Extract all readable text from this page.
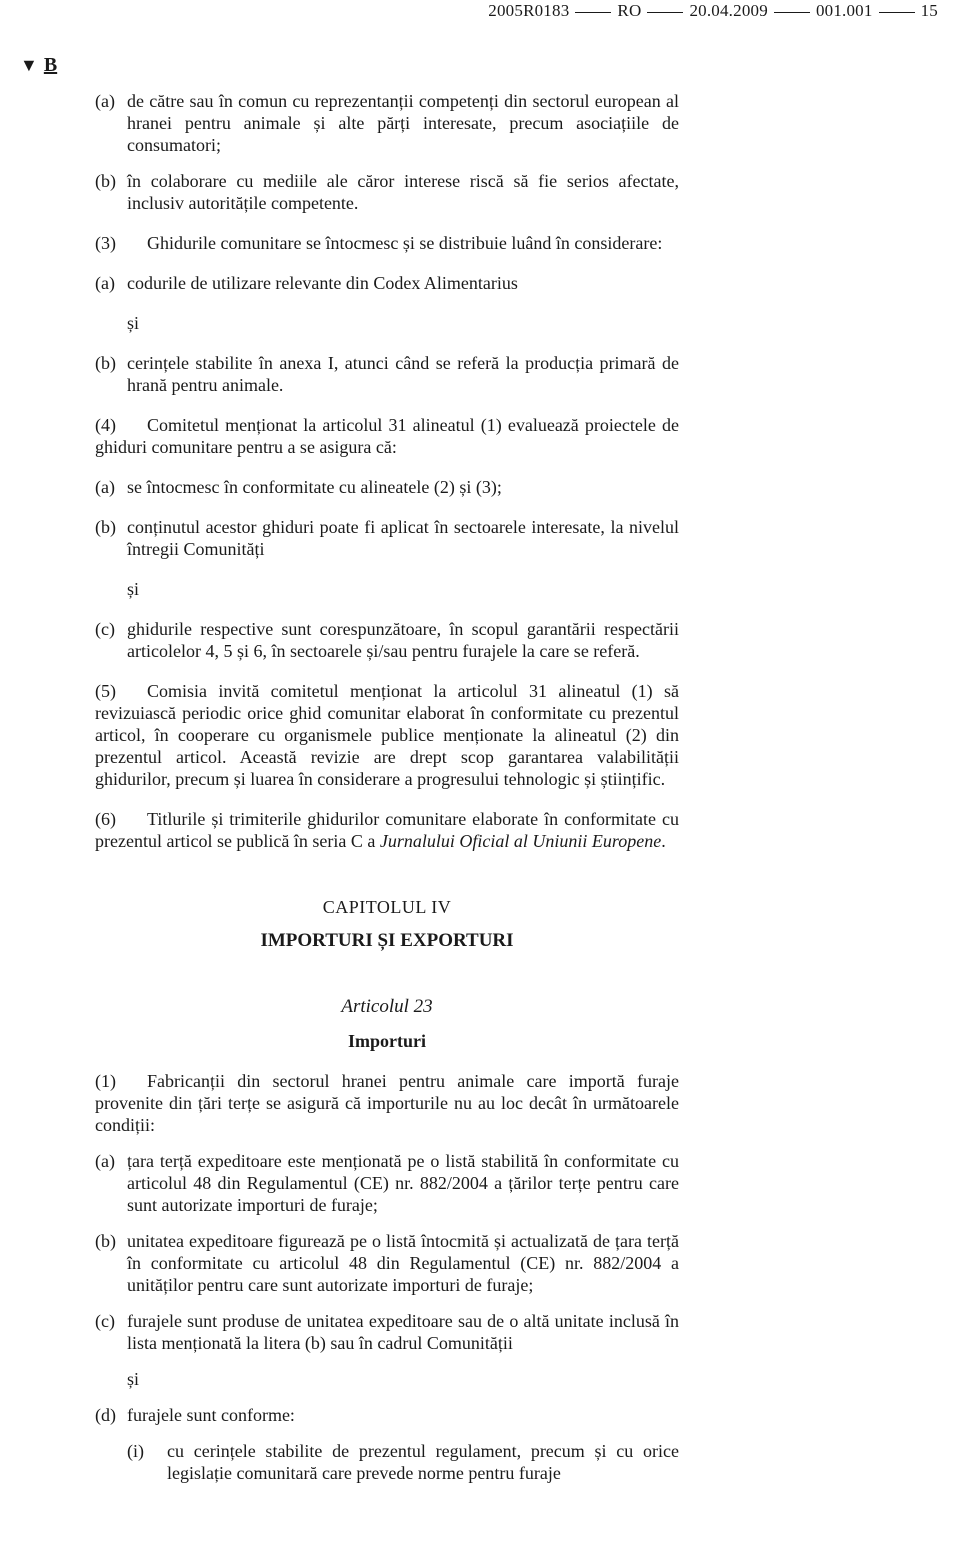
2005R0183	RO	20.04.2009	001.001	15
▼ B
(a) de către sau în comun cu reprezentanții competenți din sectorul european al hranei pentru animale și alte părți interesate, precum asociațiile de consumatori;
(b) în colaborare cu mediile ale căror interese riscă să fie serios afectate, inclusiv autoritățile competente.
(3) Ghidurile comunitare se întocmesc și se distribuie luând în considerare:
(a) codurile de utilizare relevante din Codex Alimentarius
și
(b) cerințele stabilite în anexa I, atunci când se referă la producția primară de hrană pentru animale.
(4) Comitetul menționat la articolul 31 alineatul (1) evaluează proiectele de ghiduri comunitare pentru a se asigura că:
(a) se întocmesc în conformitate cu alineatele (2) și (3);
(b) conținutul acestor ghiduri poate fi aplicat în sectoarele interesate, la nivelul întregii Comunități
și
(c) ghidurile respective sunt corespunzătoare, în scopul garantării respectării articolelor 4, 5 și 6, în sectoarele și/sau pentru furajele la care se referă.
(5) Comisia invită comitetul menționat la articolul 31 alineatul (1) să revizuiască periodic orice ghid comunitar elaborat în conformitate cu prezentul articol, în cooperare cu organismele publice menționate la alineatul (2) din prezentul articol. Această revizie are drept scop garantarea valabilității ghidurilor, precum și luarea în considerare a progresului tehnologic și științific.
(6) Titlurile și trimiterile ghidurilor comunitare elaborate în conformitate cu prezentul articol se publică în seria C a Jurnalului Oficial al Uniunii Europene.
CAPITOLUL IV
IMPORTURI ȘI EXPORTURI
Articolul 23
Importuri
(1) Fabricanții din sectorul hranei pentru animale care importă furaje provenite din țări terțe se asigură că importurile nu au loc decât în următoarele condiții:
(a) țara terță expeditoare este menționată pe o listă stabilită în conformitate cu articolul 48 din Regulamentul (CE) nr. 882/2004 a țărilor terțe pentru care sunt autorizate importuri de furaje;
(b) unitatea expeditoare figurează pe o listă întocmită și actualizată de țara terță în conformitate cu articolul 48 din Regulamentul (CE) nr. 882/2004 a unităților pentru care sunt autorizate importuri de furaje;
(c) furajele sunt produse de unitatea expeditoare sau de o altă unitate inclusă în lista menționată la litera (b) sau în cadrul Comunității
și
(d) furajele sunt conforme:
(i)	cu cerințele stabilite de prezentul regulament, precum și cu orice legislație comunitară care prevede norme pentru furaje
